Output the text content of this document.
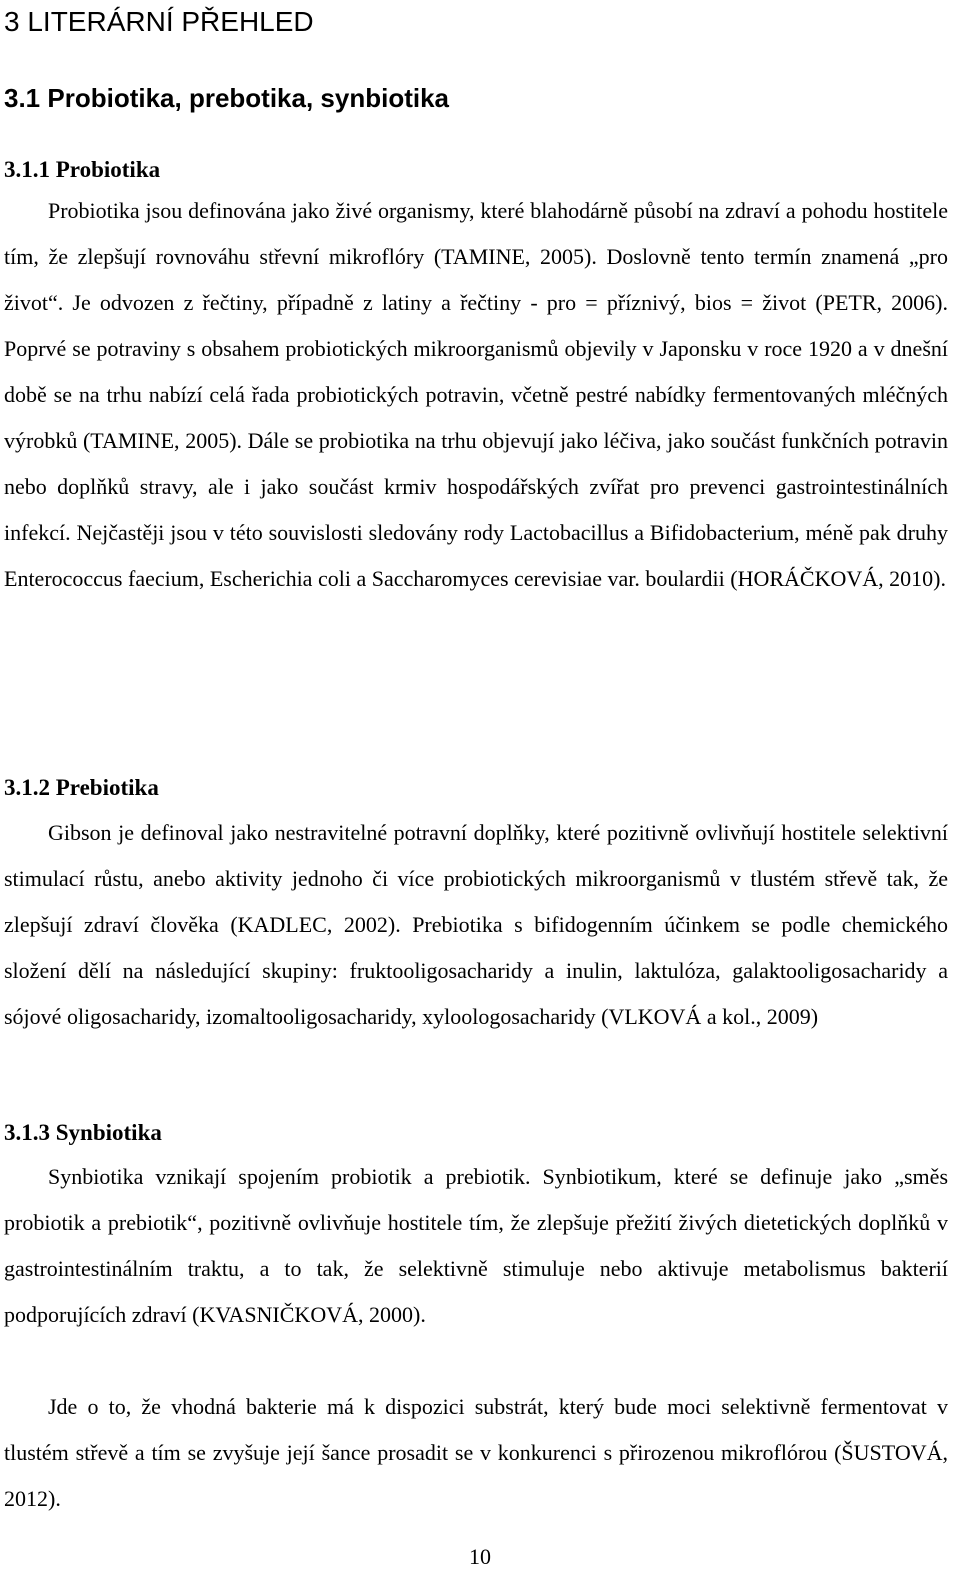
3 LITERÁRNÍ PŘEHLED
3.1 Probiotika, prebotika, synbiotika
3.1.1 Probiotika

Probiotika jsou definována jako živé organismy, které blahodárně působí na zdraví a pohodu hostitele tím, že zlepšují rovnováhu střevní mikroflóry (TAMINE, 2005). Doslovně tento termín znamená „pro život“. Je odvozen z řečtiny, případně z latiny a řečtiny - pro = příznivý, bios = život (PETR, 2006). Poprvé se potraviny s obsahem probiotických mikroorganismů objevily v Japonsku v roce 1920 a v dnešní době se na trhu nabízí celá řada probiotických potravin, včetně pestré nabídky fermentovaných mléčných výrobků (TAMINE, 2005). Dále se probiotika na trhu objevují jako léčiva, jako součást funkčních potravin nebo doplňků stravy, ale i jako součást krmiv hospodářských zvířat pro prevenci gastrointestinálních infekcí. Nejčastěji jsou v této souvislosti sledovány rody Lactobacillus a Bifidobacterium, méně pak druhy Enterococcus faecium, Escherichia coli a Saccharomyces cerevisiae var. boulardii (HORÁČKOVÁ, 2010).

3.1.2 Prebiotika

Gibson je definoval jako nestravitelné potravní doplňky, které pozitivně ovlivňují hostitele selektivní stimulací růstu, anebo aktivity jednoho či více probiotických mikroorganismů v tlustém střevě tak, že zlepšují zdraví člověka (KADLEC, 2002). Prebiotika s bifidogenním účinkem se podle chemického složení dělí na následující skupiny: fruktooligosacharidy a inulin, laktulóza, galaktooligosacharidy a sójové oligosacharidy, izomaltooligosacharidy, xyloologosacharidy (VLKOVÁ a kol., 2009)

3.1.3 Synbiotika

Synbiotika vznikají spojením probiotik a prebiotik. Synbiotikum, které se definuje jako „směs probiotik a prebiotik“, pozitivně ovlivňuje hostitele tím, že zlepšuje přežití živých dietetických doplňků v gastrointestinálním traktu, a to tak, že selektivně stimuluje nebo aktivuje metabolismus bakterií podporujících zdraví (KVASNIČKOVÁ, 2000).

Jde o to, že vhodná bakterie má k dispozici substrát, který bude moci selektivně fermentovat v tlustém střevě a tím se zvyšuje její šance prosadit se v konkurenci s přirozenou mikroflórou (ŠUSTOVÁ, 2012).

10
